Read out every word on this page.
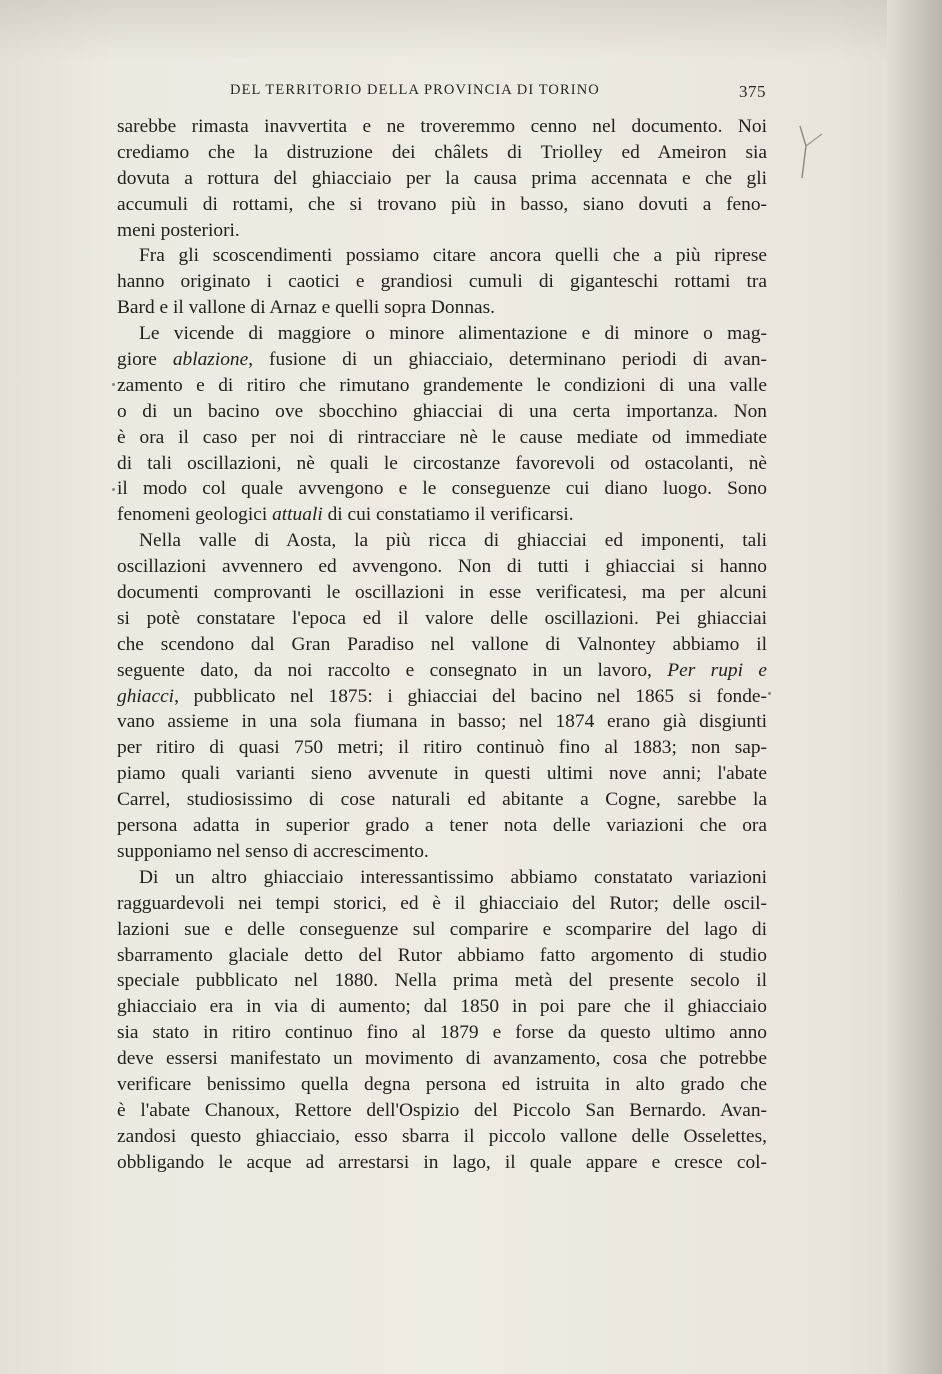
DEL TERRITORIO DELLA PROVINCIA DI TORINO	375
sarebbe rimasta inavvertita e ne troveremmo cenno nel documento. Noi
crediamo che la distruzione dei châlets di Triolley ed Ameiron sia
dovuta a rottura del ghiacciaio per la causa prima accennata e che gli
accumuli di rottami, che si trovano più in basso, siano dovuti a feno-
meni posteriori.
Fra gli scoscendimenti possiamo citare ancora quelli che a più riprese
hanno originato i caotici e grandiosi cumuli di giganteschi rottami tra
Bard e il vallone di Arnaz e quelli sopra Donnas.
Le vicende di maggiore o minore alimentazione e di minore o mag-
giore ablazione, fusione di un ghiacciaio, determinano periodi di avan-
zamento e di ritiro che rimutano grandemente le condizioni di una valle
o di un bacino ove sbocchino ghiacciai di una certa importanza. Non
è ora il caso per noi di rintracciare nè le cause mediate od immediate
di tali oscillazioni, nè quali le circostanze favorevoli od ostacolanti, nè
il modo col quale avvengono e le conseguenze cui diano luogo. Sono
fenomeni geologici attuali di cui constatiamo il verificarsi.
Nella valle di Aosta, la più ricca di ghiacciai ed imponenti, tali
oscillazioni avvennero ed avvengono. Non di tutti i ghiacciai si hanno
documenti comprovanti le oscillazioni in esse verificatesi, ma per alcuni
si potè constatare l'epoca ed il valore delle oscillazioni. Pei ghiacciai
che scendono dal Gran Paradiso nel vallone di Valnontey abbiamo il
seguente dato, da noi raccolto e consegnato in un lavoro, Per rupi e
ghiacci, pubblicato nel 1875: i ghiacciai del bacino nel 1865 si fonde-
vano assieme in una sola fiumana in basso; nel 1874 erano già disgiunti
per ritiro di quasi 750 metri; il ritiro continuò fino al 1883; non sap-
piamo quali varianti sieno avvenute in questi ultimi nove anni; l'abate
Carrel, studiosissimo di cose naturali ed abitante a Cogne, sarebbe la
persona adatta in superior grado a tener nota delle variazioni che ora
supponiamo nel senso di accrescimento.
Di un altro ghiacciaio interessantissimo abbiamo constatato variazioni
ragguardevoli nei tempi storici, ed è il ghiacciaio del Rutor; delle oscil-
lazioni sue e delle conseguenze sul comparire e scomparire del lago di
sbarramento glaciale detto del Rutor abbiamo fatto argomento di studio
speciale pubblicato nel 1880. Nella prima metà del presente secolo il
ghiacciaio era in via di aumento; dal 1850 in poi pare che il ghiacciaio
sia stato in ritiro continuo fino al 1879 e forse da questo ultimo anno
deve essersi manifestato un movimento di avanzamento, cosa che potrebbe
verificare benissimo quella degna persona ed istruita in alto grado che
è l'abate Chanoux, Rettore dell'Ospizio del Piccolo San Bernardo. Avan-
zandosi questo ghiacciaio, esso sbarra il piccolo vallone delle Osselettes,
obbligando le acque ad arrestarsi in lago, il quale appare e cresce col-
